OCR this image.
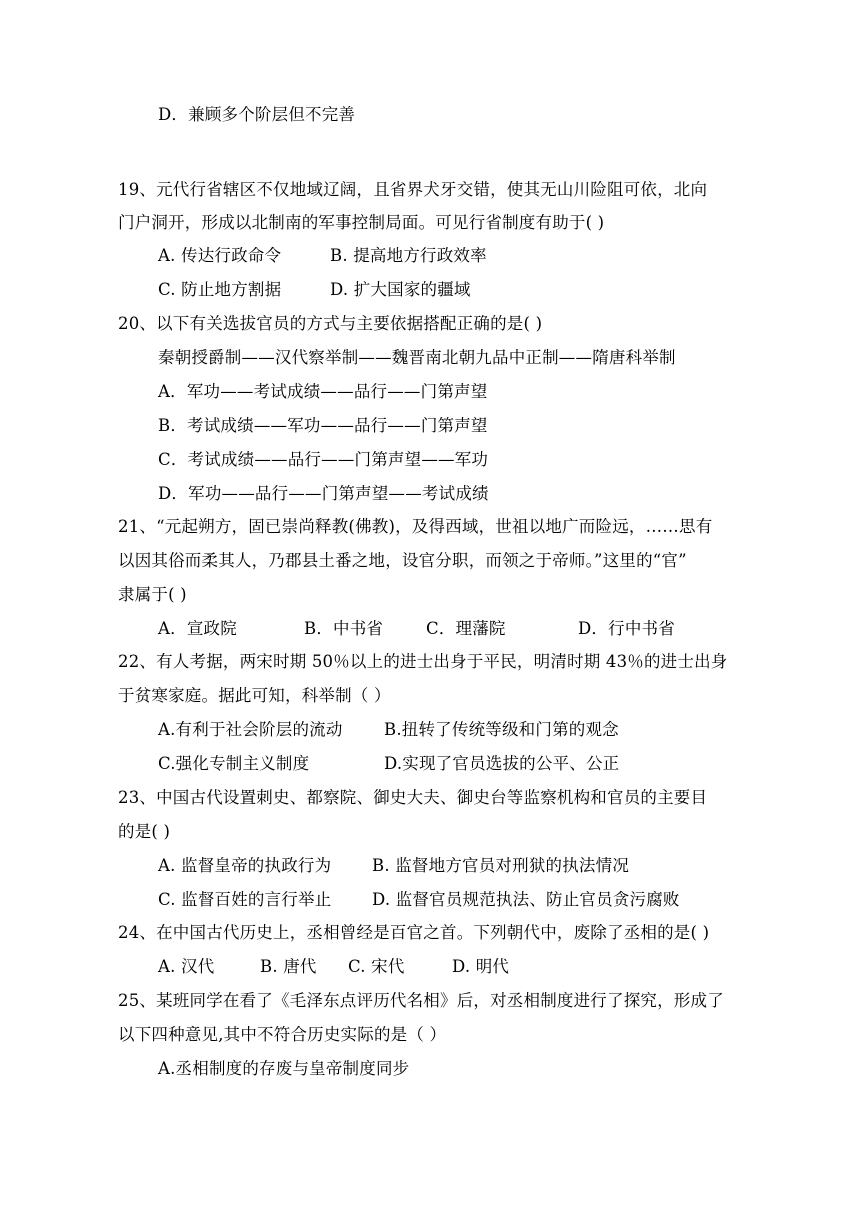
D．兼顾多个阶层但不完善
19、元代行省辖区不仅地域辽阔，且省界犬牙交错，使其无山川险阻可依，北向
门户洞开，形成以北制南的军事控制局面。可见行省制度有助于( )
A. 传达行政命令	B. 提高地方行政效率
C. 防止地方割据	D. 扩大国家的疆域
20、以下有关选拔官员的方式与主要依据搭配正确的是( )
秦朝授爵制——汉代察举制——魏晋南北朝九品中正制——隋唐科举制
A．军功——考试成绩——品行——门第声望
B．考试成绩——军功——品行——门第声望
C．考试成绩——品行——门第声望——军功
D．军功——品行——门第声望——考试成绩
21、“元起朔方，固已崇尚释教(佛教)，及得西域，世祖以地广而险远，……思有
以因其俗而柔其人，乃郡县土番之地，设官分职，而领之于帝师。”这里的“官”
隶属于( )
A．宣政院	B．中书省	C．理藩院	D．行中书省
22、有人考据，两宋时期 50％以上的进士出身于平民，明清时期 43％的进士出身
于贫寒家庭。据此可知，科举制（ ）
A.有利于社会阶层的流动	B.扭转了传统等级和门第的观念
C.强化专制主义制度	D.实现了官员选拔的公平、公正
23、中国古代设置刺史、都察院、御史大夫、御史台等监察机构和官员的主要目
的是( )
A. 监督皇帝的执政行为 B. 监督地方官员对刑狱的执法情况
C. 监督百姓的言行举止 D. 监督官员规范执法、防止官员贪污腐败
24、在中国古代历史上，丞相曾经是百官之首。下列朝代中，废除了丞相的是( )
A. 汉代	B. 唐代 C. 宋代	D. 明代
25、某班同学在看了《毛泽东点评历代名相》后，对丞相制度进行了探究，形成了
以下四种意见,其中不符合历史实际的是（ ）
A.丞相制度的存废与皇帝制度同步
